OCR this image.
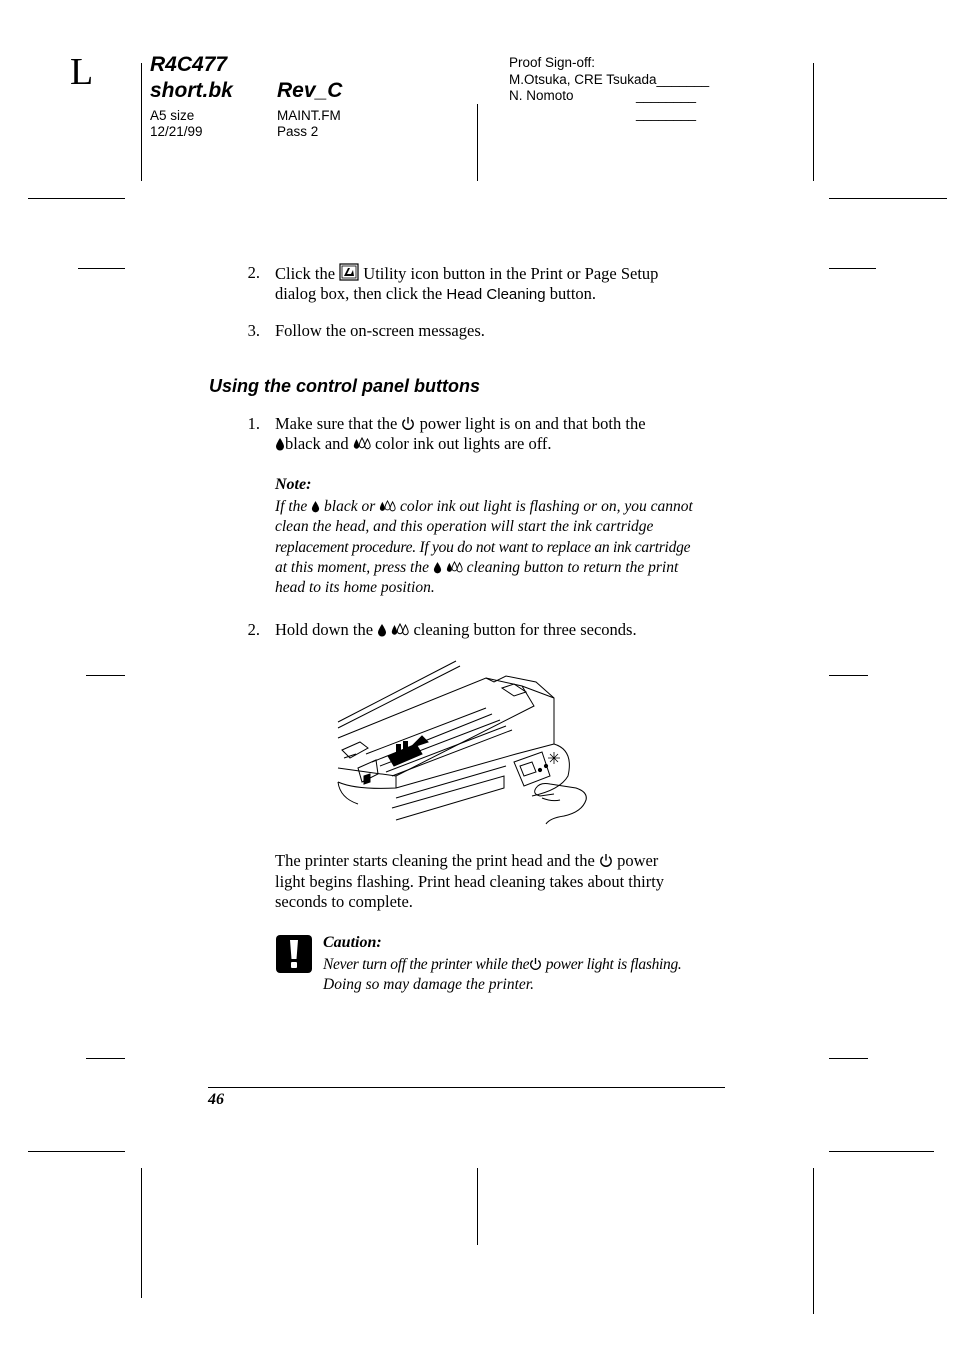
L	R4C477
short.bk Rev_C
A5 size
12/21/99
MAINT.FM
Pass 2
Proof Sign-off:
M.Otsuka, CRE Tsukada_______
N. Nomoto	________
________
2. Click the Utility icon button in the Print or Page Setup
dialog box, then click the Head Cleaning button.
3. Follow the on-screen messages.
Using the control panel buttons
1. Make sure that the power light is on and that both the
black and color ink out lights are off.
Note:
If the black or color ink out light is flashing or on, you cannot
clean the head, and this operation will start the ink cartridge
replacement procedure. If you do not want to replace an ink cartridge
at this moment, press the cleaning button to return the print
head to its home position.
2. Hold down the cleaning button for three seconds.
The printer starts cleaning the print head and the power
light begins flashing. Print head cleaning takes about thirty
seconds to complete.
Caution:
Never turn off the printer while the power light is flashing.
Doing so may damage the printer.
46
